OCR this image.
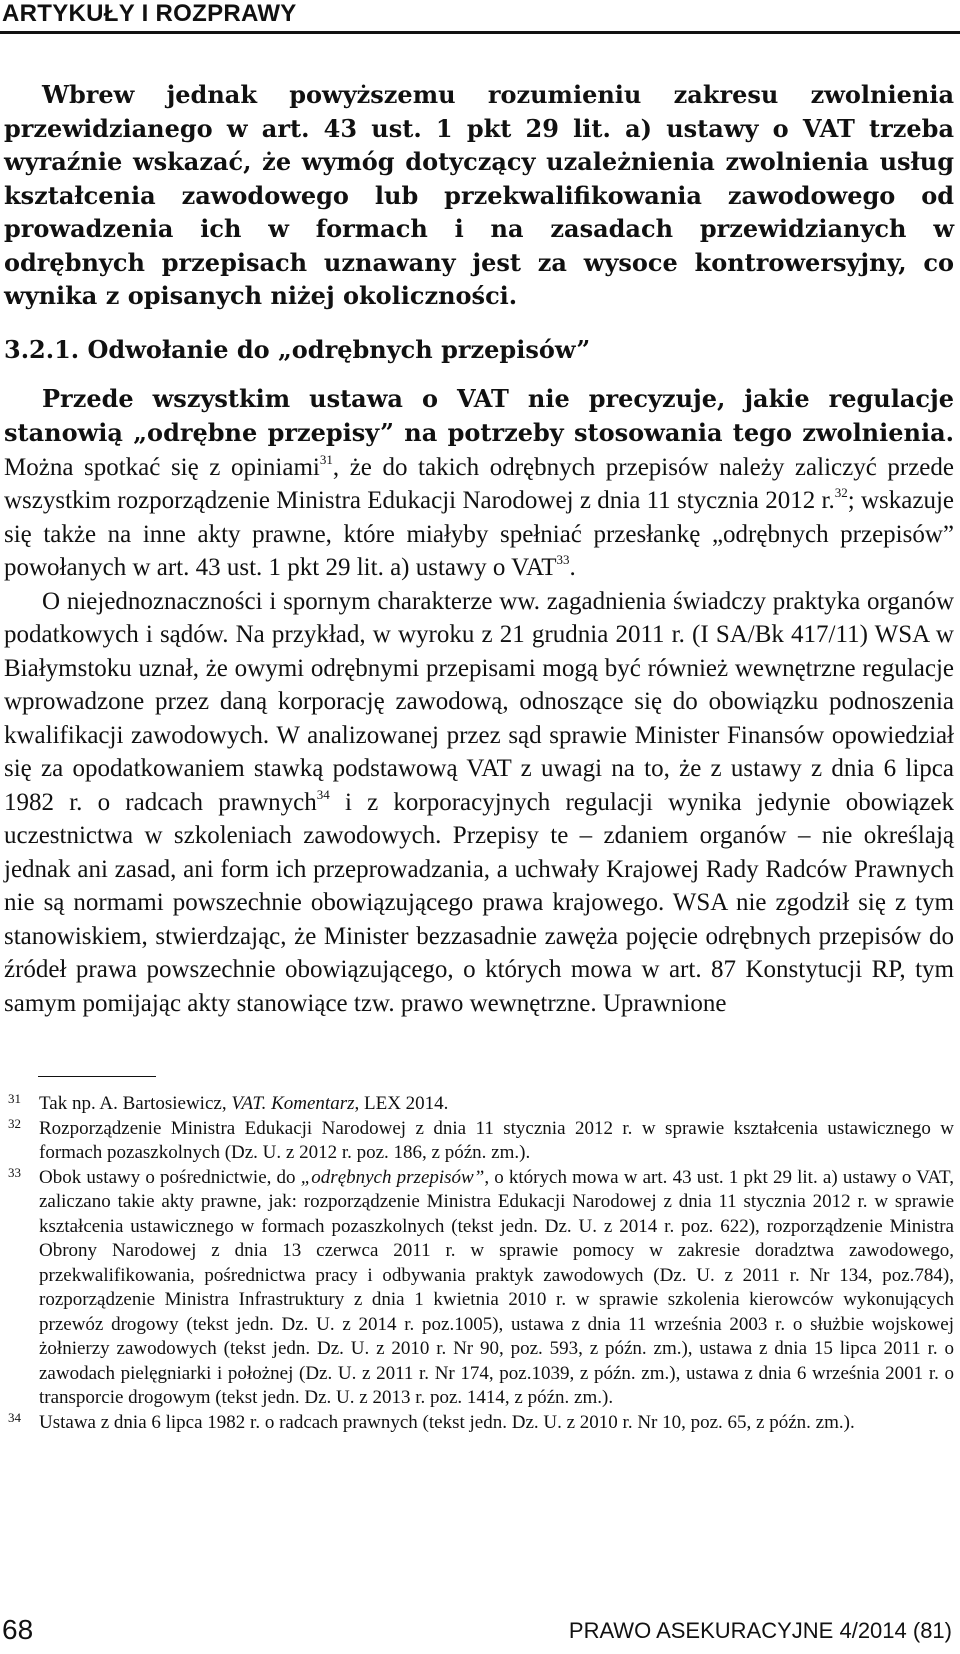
ARTYKUŁY I ROZPRAWY

Wbrew jednak powyższemu rozumieniu zakresu zwolnienia przewidzianego w art. 43 ust. 1 pkt 29 lit. a) ustawy o VAT trzeba wyraźnie wskazać, że wymóg dotyczący uzależnienia zwolnienia usług kształcenia zawodowego lub przekwalifikowania zawodowego od prowadzenia ich w formach i na zasadach przewidzianych w odrębnych przepisach uznawany jest za wysoce kontrowersyjny, co wynika z opisanych niżej okoliczności.

3.2.1. Odwołanie do „odrębnych przepisów”

Przede wszystkim ustawa o VAT nie precyzuje, jakie regulacje stanowią „odrębne przepisy” na potrzeby stosowania tego zwolnienia. Można spotkać się z opiniami$^{31}$, że do takich odrębnych przepisów należy zaliczyć przede wszystkim rozporządzenie Ministra Edukacji Narodowej z dnia 11 stycznia 2012 r.$^{32}$; wskazuje się także na inne akty prawne, które miałyby spełniać przesłankę „odrębnych przepisów” powołanych w art. 43 ust. 1 pkt 29 lit. a) ustawy o VAT$^{33}$.

O niejednoznaczności i spornym charakterze ww. zagadnienia świadczy praktyka organów podatkowych i sądów. Na przykład, w wyroku z 21 grudnia 2011 r. (I SA/Bk 417/11) WSA w Białymstoku uznał, że owymi odrębnymi przepisami mogą być również wewnętrzne regulacje wprowadzone przez daną korporację zawodową, odnoszące się do obowiązku podnoszenia kwalifikacji zawodowych. W analizowanej przez sąd sprawie Minister Finansów opowiedział się za opodatkowaniem stawką podstawową VAT z uwagi na to, że z ustawy z dnia 6 lipca 1982 r. o radcach prawnych$^{34}$ i z korporacyjnych regulacji wynika jedynie obowiązek uczestnictwa w szkoleniach zawodowych. Przepisy te – zdaniem organów – nie określają jednak ani zasad, ani form ich przeprowadzania, a uchwały Krajowej Rady Radców Prawnych nie są normami powszechnie obowiązującego prawa krajowego. WSA nie zgodził się z tym stanowiskiem, stwierdzając, że Minister bezzasadnie zawęża pojęcie odrębnych przepisów do źródeł prawa powszechnie obowiązującego, o których mowa w art. 87 Konstytucji RP, tym samym pomijając akty stanowiące tzw. prawo wewnętrzne. Uprawnione

31 Tak np. A. Bartosiewicz, VAT. Komentarz, LEX 2014.

32 Rozporządzenie Ministra Edukacji Narodowej z dnia 11 stycznia 2012 r. w sprawie kształcenia ustawicznego w formach pozaszkolnych (Dz. U. z 2012 r. poz. 186, z późn. zm.).

33 Obok ustawy o pośrednictwie, do „odrębnych przepisów”, o których mowa w art. 43 ust. 1 pkt 29 lit. a) ustawy o VAT, zaliczano takie akty prawne, jak: rozporządzenie Ministra Edukacji Narodowej z dnia 11 stycznia 2012 r. w sprawie kształcenia ustawicznego w formach pozaszkolnych (tekst jedn. Dz. U. z 2014 r. poz. 622), rozporządzenie Ministra Obrony Narodowej z dnia 13 czerwca 2011 r. w sprawie pomocy w zakresie doradztwa zawodowego, przekwalifikowania, pośrednictwa pracy i odbywania praktyk zawodowych (Dz. U. z 2011 r. Nr 134, poz.784), rozporządzenie Ministra Infrastruktury z dnia 1 kwietnia 2010 r. w sprawie szkolenia kierowców wykonujących przewóz drogowy (tekst jedn. Dz. U. z 2014 r. poz.1005), ustawa z dnia 11 września 2003 r. o służbie wojskowej żołnierzy zawodowych (tekst jedn. Dz. U. z 2010 r. Nr 90, poz. 593, z późn. zm.), ustawa z dnia 15 lipca 2011 r. o zawodach pielęgniarki i położnej (Dz. U. z 2011 r. Nr 174, poz.1039, z późn. zm.), ustawa z dnia 6 września 2001 r. o transporcie drogowym (tekst jedn. Dz. U. z 2013 r. poz. 1414, z późn. zm.).

34 Ustawa z dnia 6 lipca 1982 r. o radcach prawnych (tekst jedn. Dz. U. z 2010 r. Nr 10, poz. 65, z późn. zm.).

68	PRAWO ASEKURACYJNE 4/2014 (81)
